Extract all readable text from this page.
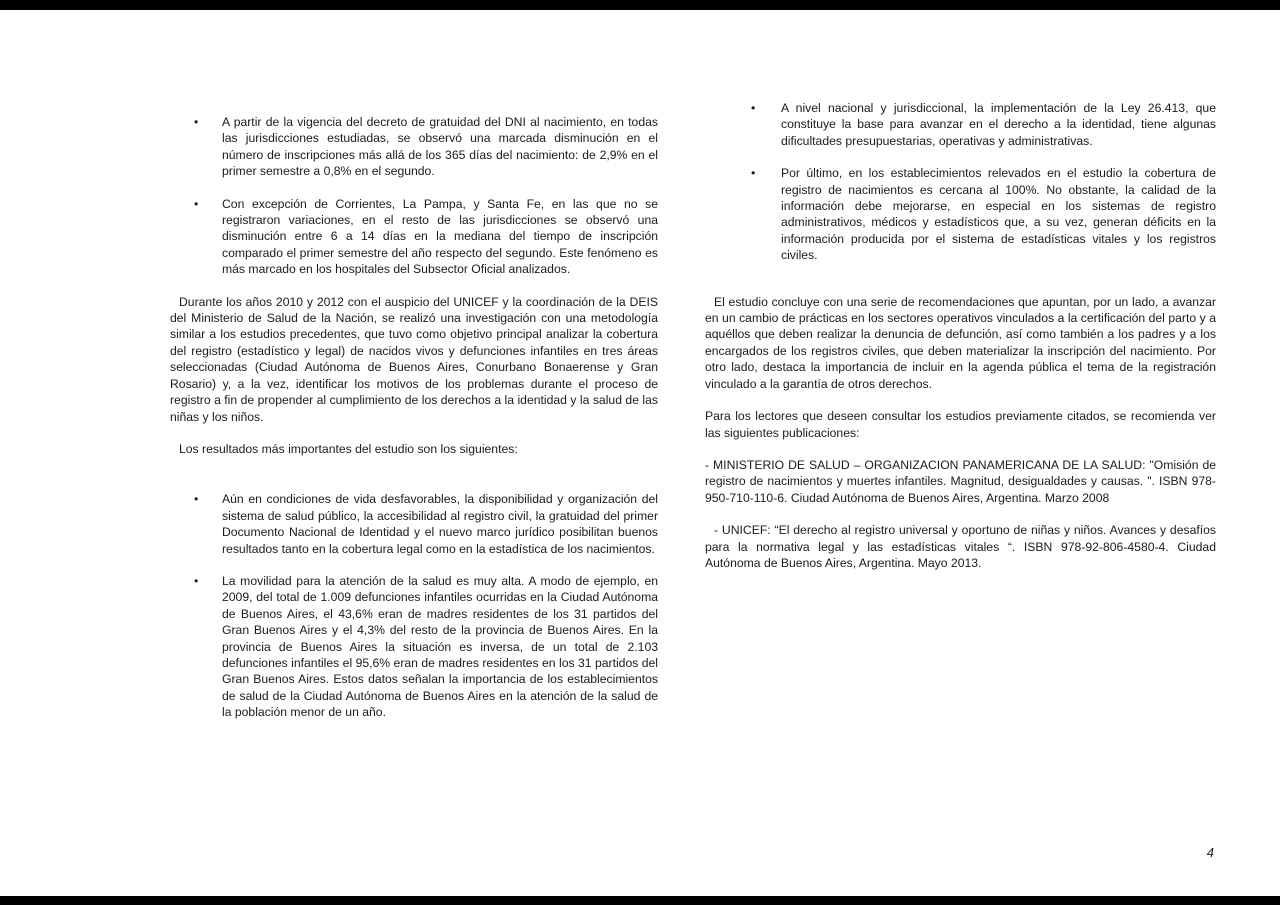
•	A partir de la vigencia del decreto de gratuidad del DNI al nacimiento, en todas las jurisdicciones estudiadas, se observó una marcada disminución en el número de inscripciones más allá de los 365 días del nacimiento: de 2,9% en el primer semestre a 0,8% en el segundo.
•	Con excepción de Corrientes, La Pampa, y Santa Fe, en las que no se registraron variaciones, en el resto de las jurisdicciones se observó una disminución entre 6 a 14 días en la mediana del tiempo de inscripción comparado el primer semestre del año respecto del segundo. Este fenómeno es más marcado en los hospitales del Subsector Oficial analizados.
Durante los años 2010 y 2012 con el auspicio del UNICEF y la coordinación de la DEIS del Ministerio de Salud de la Nación, se realizó una investigación con una metodología similar a los estudios precedentes, que tuvo como objetivo principal analizar la cobertura del registro (estadístico y legal) de nacidos vivos y defunciones infantiles en tres áreas seleccionadas (Ciudad Autónoma de Buenos Aires, Conurbano Bonaerense y Gran Rosario) y, a la vez, identificar los motivos de los problemas durante el proceso de registro a fin de propender al cumplimiento de los derechos a la identidad y la salud de las niñas y los niños.
Los resultados más importantes del estudio son los siguientes:
•	Aún en condiciones de vida desfavorables, la disponibilidad y organización del sistema de salud público, la accesibilidad al registro civil, la gratuidad del primer Documento Nacional de Identidad y el nuevo marco jurídico posibilitan buenos resultados tanto en la cobertura legal como en la estadística de los nacimientos.
•	La movilidad para la atención de la salud es muy alta. A modo de ejemplo, en 2009, del total de 1.009 defunciones infantiles ocurridas en la Ciudad Autónoma de Buenos Aires, el 43,6% eran de madres residentes de los 31 partidos del Gran Buenos Aires y el 4,3% del resto de la provincia de Buenos Aires. En la provincia de Buenos Aires la situación es inversa, de un total de 2.103 defunciones infantiles el 95,6% eran de madres residentes en los 31 partidos del Gran Buenos Aires. Estos datos señalan la importancia de los establecimientos de salud de la Ciudad Autónoma de Buenos Aires en la atención de la salud de la población menor de un año.
•	A nivel nacional y jurisdiccional, la implementación de la Ley 26.413, que constituye la base para avanzar en el derecho a la identidad, tiene algunas dificultades presupuestarias, operativas y administrativas.
•	Por último, en los establecimientos relevados en el estudio la cobertura de registro de nacimientos es cercana al 100%. No obstante, la calidad de la información debe mejorarse, en especial en los sistemas de registro administrativos, médicos y estadísticos que, a su vez, generan déficits en la información producida por el sistema de estadísticas vitales y los registros civiles.
El estudio concluye con una serie de recomendaciones que apuntan, por un lado, a avanzar en un cambio de prácticas en los sectores operativos vinculados a la certificación del parto y a aquéllos que deben realizar la denuncia de defunción, así como también a los padres y a los encargados de los registros civiles, que deben materializar la inscripción del nacimiento. Por otro lado, destaca la importancia de incluir en la agenda pública el tema de la registración vinculado a la garantía de otros derechos.
Para los lectores que deseen consultar los estudios previamente citados, se recomienda ver las siguientes publicaciones:
- MINISTERIO DE SALUD – ORGANIZACION PANAMERICANA DE LA SALUD: "Omisión de registro de nacimientos y muertes infantiles. Magnitud, desigualdades y causas. ". ISBN 978-950-710-110-6. Ciudad Autónoma de Buenos Aires, Argentina. Marzo 2008
- UNICEF: “El derecho al registro universal y oportuno de niñas y niños. Avances y desafíos para la normativa legal y las estadísticas vitales “. ISBN 978-92-806-4580-4. Ciudad Autónoma de Buenos Aires, Argentina. Mayo 2013.
4
